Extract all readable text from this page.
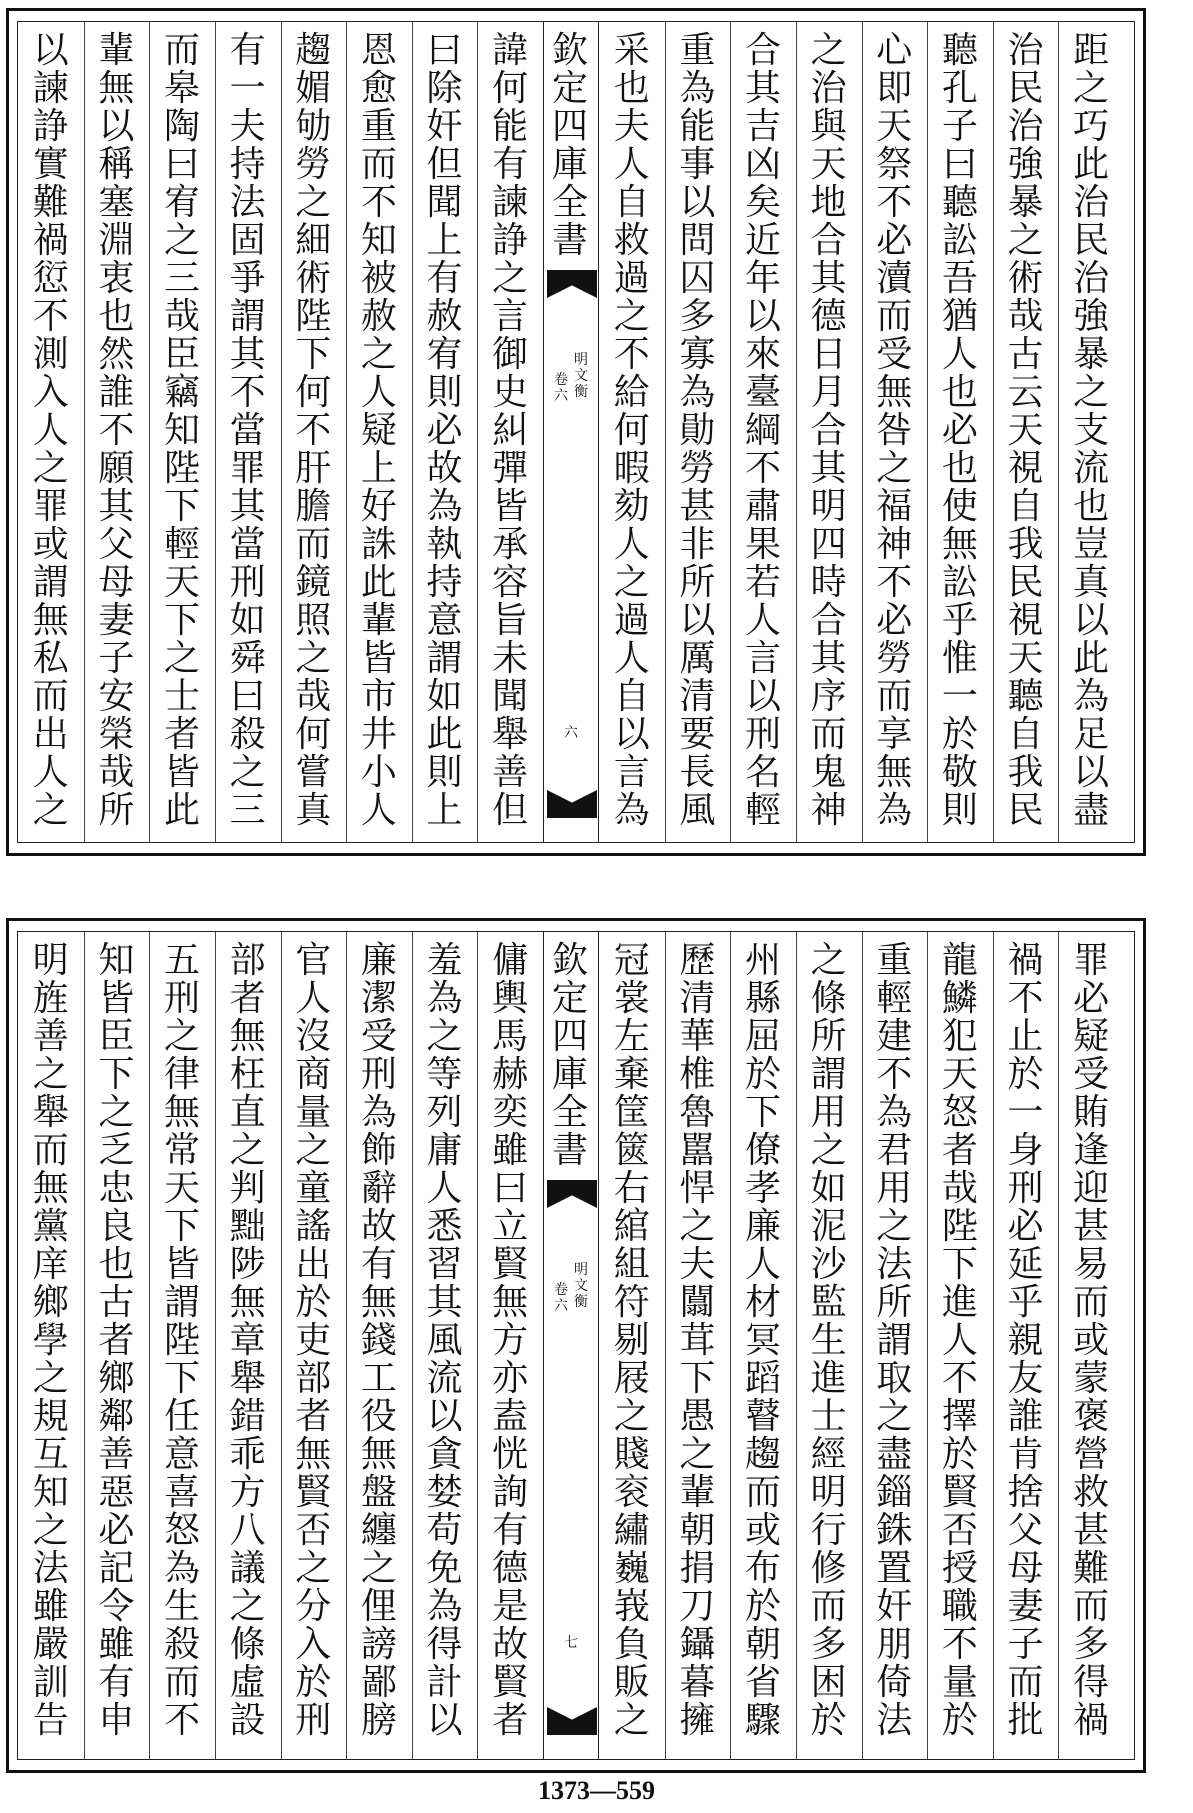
距
之
巧
此
治
民
治
強
暴
之
支
流
也
豈
真
以
此
為
足
以
盡
治
民
治
強
暴
之
術
哉
古
云
天
視
自
我
民
視
天
聽
自
我
民
聽
孔
子
曰
聽
訟
吾
猶
人
也
必
也
使
無
訟
乎
惟
一
於
敬
則
心
即
天
祭
不
必
瀆
而
受
無
咎
之
福
神
不
必
勞
而
享
無
為
之
治
與
天
地
合
其
德
日
月
合
其
明
四
時
合
其
序
而
鬼
神
合
其
吉
凶
矣
近
年
以
來
臺
綱
不
肅
果
若
人
言
以
刑
名
輕
重
為
能
事
以
問
囚
多
寡
為
勛
勞
甚
非
所
以
厲
清
要
長
風
采
也
夫
人
自
救
過
之
不
給
何
暇
劾
人
之
過
人
自
以
言
為
欽
定
四
庫
全
書
明
文
衡
卷
六
六
諱
何
能
有
諫
諍
之
言
御
史
糾
彈
皆
承
容
旨
未
聞
舉
善
但
曰
除
奸
但
聞
上
有
赦
宥
則
必
故
為
執
持
意
謂
如
此
則
上
恩
愈
重
而
不
知
被
赦
之
人
疑
上
好
誅
此
輩
皆
市
井
小
人
趨
媚
劬
勞
之
細
術
陛
下
何
不
肝
膽
而
鏡
照
之
哉
何
嘗
真
有
一
夫
持
法
固
爭
謂
其
不
當
罪
其
當
刑
如
舜
曰
殺
之
三
而
皋
陶
曰
宥
之
三
哉
臣
竊
知
陛
下
輕
天
下
之
士
者
皆
此
輩
無
以
稱
塞
淵
衷
也
然
誰
不
願
其
父
母
妻
子
安
榮
哉
所
以
諫
諍
實
難
禍
愆
不
測
入
人
之
罪
或
謂
無
私
而
出
人
之
罪
必
疑
受
賄
逢
迎
甚
易
而
或
蒙
褒
營
救
甚
難
而
多
得
禍
禍
不
止
於
一
身
刑
必
延
乎
親
友
誰
肯
捨
父
母
妻
子
而
批
龍
鱗
犯
天
怒
者
哉
陛
下
進
人
不
擇
於
賢
否
授
職
不
量
於
重
輕
建
不
為
君
用
之
法
所
謂
取
之
盡
錙
銖
置
奸
朋
倚
法
之
條
所
謂
用
之
如
泥
沙
監
生
進
士
經
明
行
修
而
多
困
於
州
縣
屈
於
下
僚
孝
廉
人
材
冥
蹈
瞽
趨
而
或
布
於
朝
省
驟
歷
清
華
椎
魯
嚚
悍
之
夫
闒
茸
下
愚
之
輩
朝
捐
刀
鑷
暮
擁
冠
裳
左
棄
筐
篋
右
綰
組
符
剔
屐
之
賤
衮
繡
巍
峩
負
販
之
欽
定
四
庫
全
書
明
文
衡
卷
六
七
傭
輿
馬
赫
奕
雖
曰
立
賢
無
方
亦
盍
恍
詢
有
德
是
故
賢
者
羞
為
之
等
列
庸
人
悉
習
其
風
流
以
貪
婪
苟
免
為
得
計
以
廉
潔
受
刑
為
飾
辭
故
有
無
錢
工
役
無
盤
纏
之
俚
謗
鄙
膀
官
人
沒
商
量
之
童
謠
出
於
吏
部
者
無
賢
否
之
分
入
於
刑
部
者
無
枉
直
之
判
黜
陟
無
章
舉
錯
乖
方
八
議
之
條
虛
設
五
刑
之
律
無
常
天
下
皆
謂
陛
下
任
意
喜
怒
為
生
殺
而
不
知
皆
臣
下
之
乏
忠
良
也
古
者
鄉
鄰
善
惡
必
記
令
雖
有
申
明
旌
善
之
舉
而
無
黨
庠
鄉
學
之
規
互
知
之
法
雖
嚴
訓
告
1373—559
